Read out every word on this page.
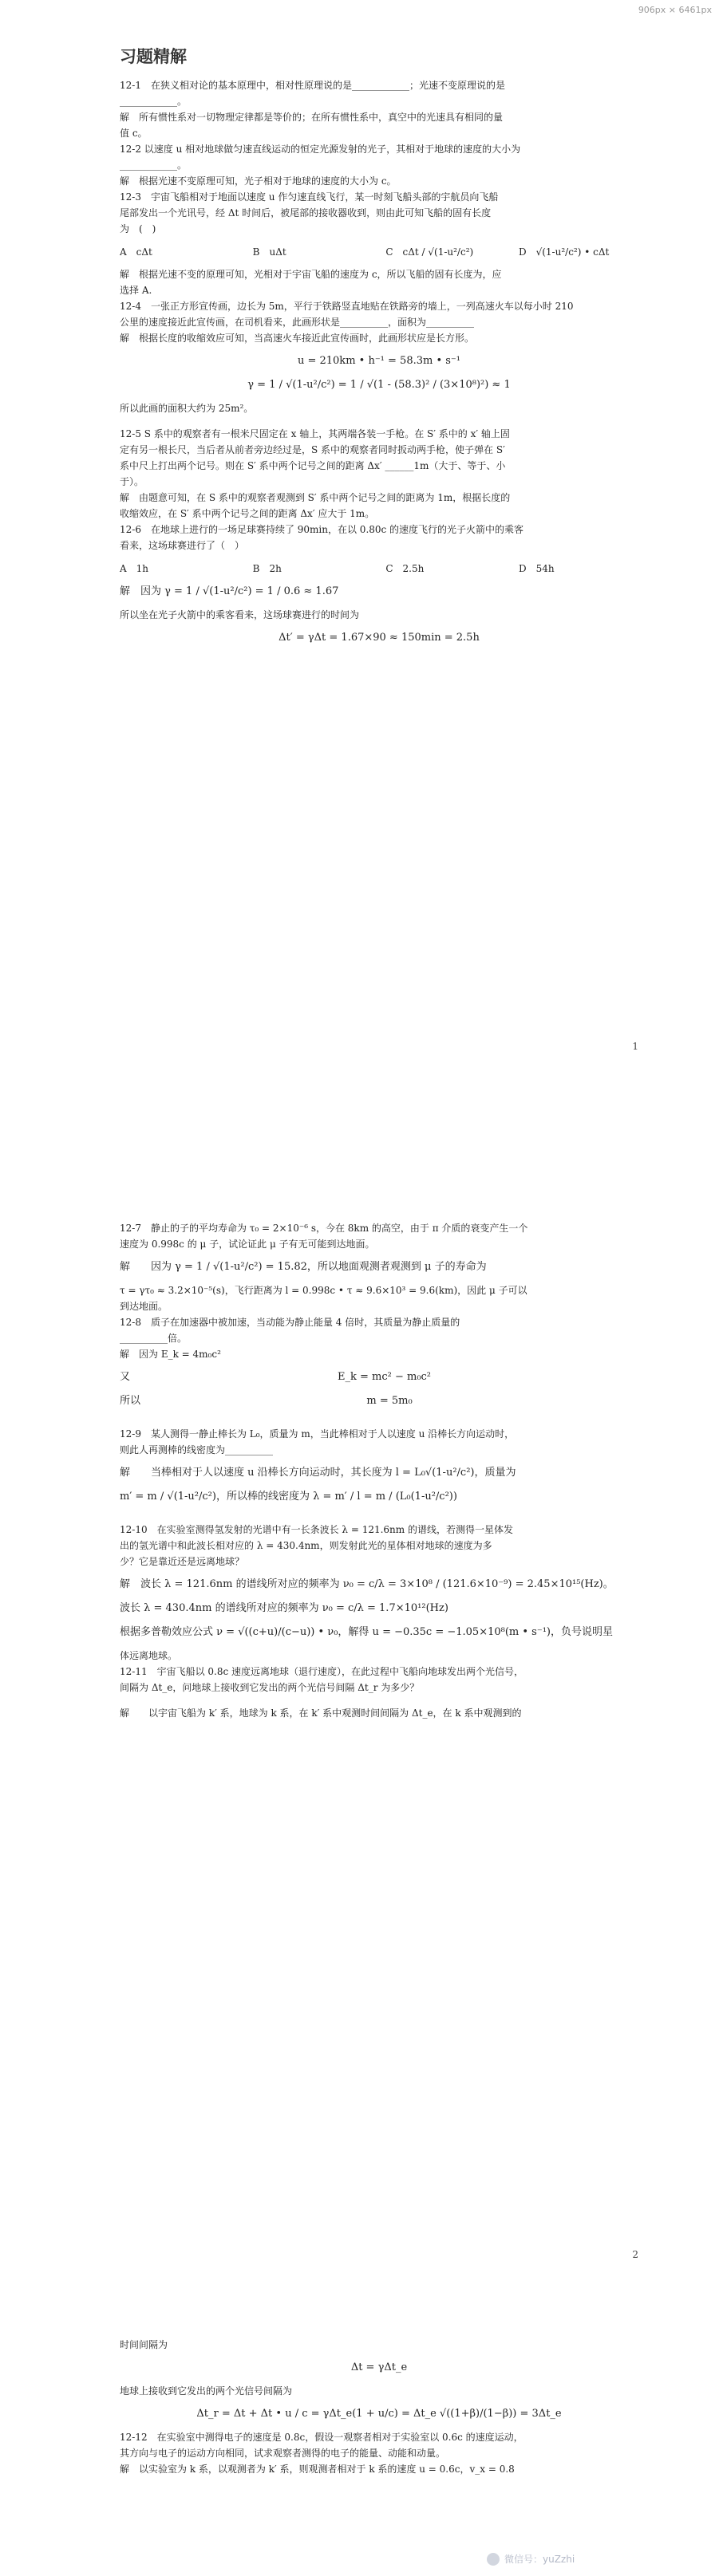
906px × 6461px
习题精解

12-1　在狭义相对论的基本原理中，相对性原理说的是____________；光速不变原理说的是

____________。

解　所有惯性系对一切物理定律都是等价的；在所有惯性系中，真空中的光速具有相同的量

值 c。

12-2 以速度 u 相对地球做匀速直线运动的恒定光源发射的光子，其相对于地球的速度的大小为

____________。

解　根据光速不变原理可知，光子相对于地球的速度的大小为 c。

12-3　宇宙飞船相对于地面以速度 u 作匀速直线飞行，某一时刻飞船头部的宇航员向飞船

尾部发出一个光讯号，经 Δt 时间后，被尾部的接收器收到，则由此可知飞船的固有长度

为　(　)

A　cΔt	B　uΔt	C　cΔt / √(1-u²/c²)	D　√(1-u²/c²) • cΔt

解　根据光速不变的原理可知，光相对于宇宙飞船的速度为 c，所以飞船的固有长度为，应

选择 A.

12-4　一张正方形宣传画，边长为 5m，平行于铁路竖直地贴在铁路旁的墙上，一列高速火车以每小时 210

公里的速度接近此宣传画，在司机看来，此画形状是__________，面积为__________

解　根据长度的收缩效应可知，当高速火车接近此宣传画时，此画形状应是长方形。

u = 210km • h⁻¹ = 58.3m • s⁻¹
γ = 1 / √(1-u²/c²) = 1 / √(1 - (58.3)² / (3×10⁸)²) ≈ 1

所以此画的面积大约为 25m²。

12-5 S 系中的观察者有一根米尺固定在 x 轴上，其两端各装一手枪。在 S′ 系中的 x′ 轴上固

定有另一根长尺，当后者从前者旁边经过是，S 系中的观察者同时扳动两手枪，使子弹在 S′

系中尺上打出两个记号。则在 S′ 系中两个记号之间的距离 Δx′ ______1m（大于、等于、小

于）。

解　由题意可知，在 S 系中的观察者观测到 S′ 系中两个记号之间的距离为 1m，根据长度的

收缩效应，在 S′ 系中两个记号之间的距离 Δx′ 应大于 1m。

12-6　在地球上进行的一场足球赛持续了 90min，在以 0.80c 的速度飞行的光子火箭中的乘客

看来，这场球赛进行了（　）

A　1h	B　2h	C　2.5h	D　54h
解　因为 γ = 1 / √(1-u²/c²) = 1 / 0.6 ≈ 1.67

所以坐在光子火箭中的乘客看来，这场球赛进行的时间为

Δt′ = γΔt = 1.67×90 ≈ 150min = 2.5h
1

12-7　静止的子的平均寿命为 τ₀ = 2×10⁻⁶ s，今在 8km 的高空，由于 π 介质的衰变产生一个

速度为 0.998c 的 μ 子，试论证此 μ 子有无可能到达地面。

解　　因为 γ = 1 / √(1-u²/c²) = 15.82，所以地面观测者观测到 μ 子的寿命为

τ = γτ₀ ≈ 3.2×10⁻⁵(s)，飞行距离为 l = 0.998c • τ ≈ 9.6×10³ = 9.6(km)，因此 μ 子可以

到达地面。

12-8　质子在加速器中被加速，当动能为静止能量 4 倍时，其质量为静止质量的

__________倍。

解　因为 E_k = 4m₀c²

又	E_k = mc² − m₀c²
所以	m = 5m₀

12-9　某人测得一静止棒长为 L₀，质量为 m，当此棒相对于人以速度 u 沿棒长方向运动时，

则此人再测棒的线密度为__________

解　　当棒相对于人以速度 u 沿棒长方向运动时，其长度为 l = L₀√(1-u²/c²)，质量为
m′ = m / √(1-u²/c²)，所以棒的线密度为 λ = m′ / l = m / (L₀(1-u²/c²))

12-10　在实验室测得氢发射的光谱中有一长条波长 λ = 121.6nm 的谱线，若测得一星体发

出的氢光谱中和此波长相对应的 λ = 430.4nm，则发射此光的星体相对地球的速度为多

少？它是靠近还是远离地球？

解　波长 λ = 121.6nm 的谱线所对应的频率为 ν₀ = c/λ = 3×10⁸ / (121.6×10⁻⁹) = 2.45×10¹⁵(Hz)。
波长 λ = 430.4nm 的谱线所对应的频率为 ν₀ = c/λ = 1.7×10¹²(Hz)
根据多普勒效应公式 ν = √((c+u)/(c−u)) • ν₀，解得 u = −0.35c = −1.05×10⁸(m • s⁻¹)，负号说明星

体远离地球。

12-11　宇宙飞船以 0.8c 速度远离地球（退行速度），在此过程中飞船向地球发出两个光信号，

间隔为 Δt_e，问地球上接收到它发出的两个光信号间隔 Δt_r 为多少？

解　　以宇宙飞船为 k′ 系，地球为 k 系，在 k′ 系中观测时间间隔为 Δt_e，在 k 系中观测到的

2

时间间隔为

Δt = γΔt_e

地球上接收到它发出的两个光信号间隔为

Δt_r = Δt + Δt • u / c = γΔt_e(1 + u/c) = Δt_e √((1+β)/(1−β)) = 3Δt_e

12-12　在实验室中测得电子的速度是 0.8c，假设一观察者相对于实验室以 0.6c 的速度运动，

其方向与电子的运动方向相同，试求观察者测得的电子的能量、动能和动量。

解　以实验室为 k 系，以观测者为 k′ 系，则观测者相对于 k 系的速度 u = 0.6c，v_x = 0.8

微信号：yuZzhi
